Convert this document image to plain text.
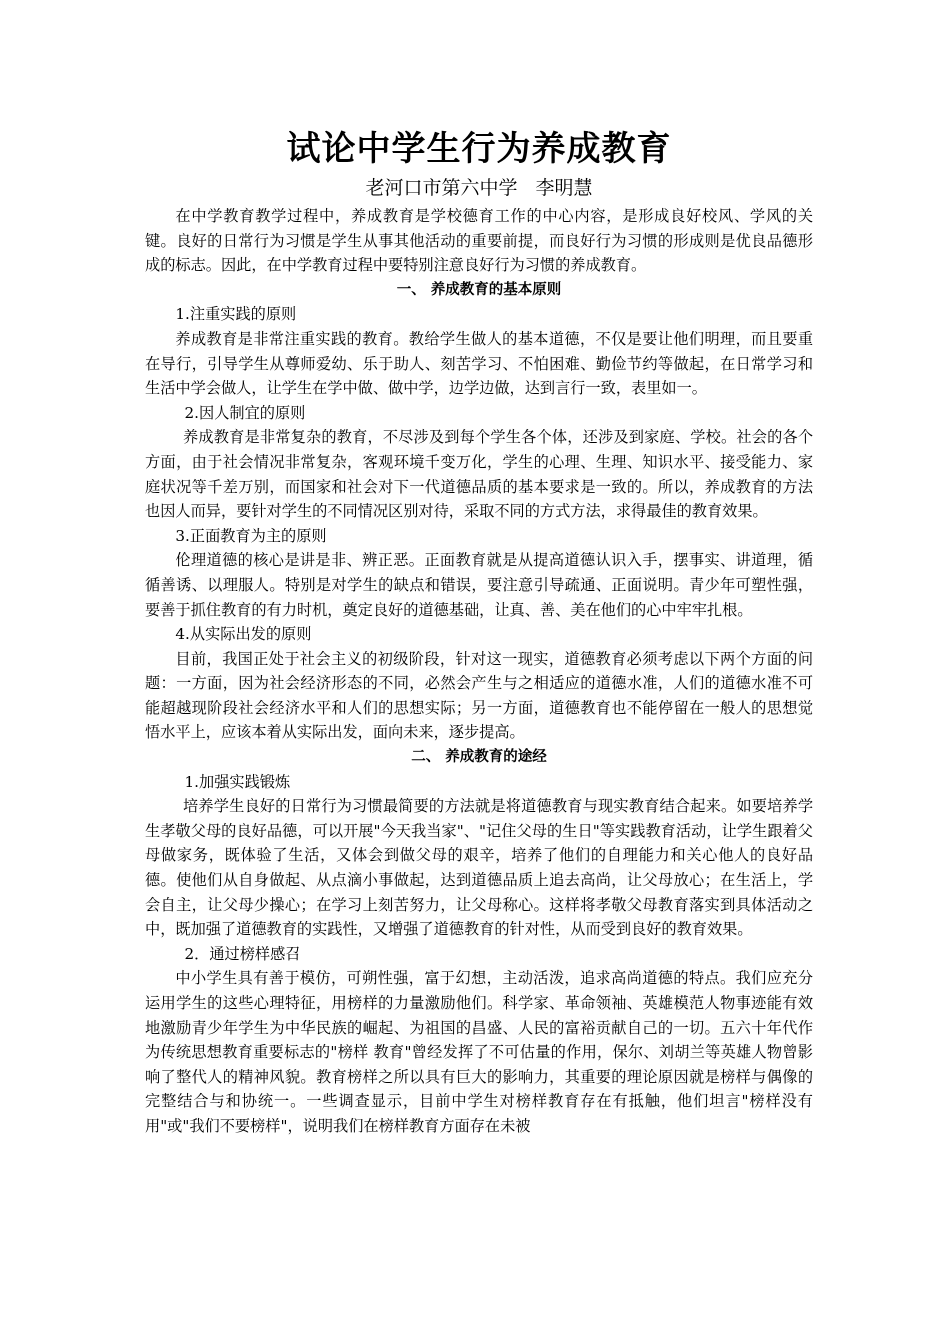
试论中学生行为养成教育

老河口市第六中学   李明慧

在中学教育教学过程中，养成教育是学校德育工作的中心内容，是形成良好校风、学风的关键。良好的日常行为习惯是学生从事其他活动的重要前提，而良好行为习惯的形成则是优良品德形成的标志。因此，在中学教育过程中要特别注意良好行为习惯的养成教育。

一、 养成教育的基本原则

1.注重实践的原则

养成教育是非常注重实践的教育。教给学生做人的基本道德，不仅是要让他们明理，而且要重在导行，引导学生从尊师爱幼、乐于助人、刻苦学习、不怕困难、勤俭节约等做起，在日常学习和生活中学会做人，让学生在学中做、做中学，边学边做，达到言行一致，表里如一。

2.因人制宜的原则

养成教育是非常复杂的教育，不尽涉及到每个学生各个体，还涉及到家庭、学校。社会的各个方面，由于社会情况非常复杂，客观环境千变万化，学生的心理、生理、知识水平、接受能力、家庭状况等千差万别，而国家和社会对下一代道德品质的基本要求是一致的。所以，养成教育的方法也因人而异，要针对学生的不同情况区别对待，采取不同的方式方法，求得最佳的教育效果。

3.正面教育为主的原则

伦理道德的核心是讲是非、辨正恶。正面教育就是从提高道德认识入手，摆事实、讲道理，循循善诱、以理服人。特别是对学生的缺点和错误，要注意引导疏通、正面说明。青少年可塑性强，要善于抓住教育的有力时机，奠定良好的道德基础，让真、善、美在他们的心中牢牢扎根。

4.从实际出发的原则

目前，我国正处于社会主义的初级阶段，针对这一现实，道德教育必须考虑以下两个方面的问题：一方面，因为社会经济形态的不同，必然会产生与之相适应的道德水准，人们的道德水准不可能超越现阶段社会经济水平和人们的思想实际；另一方面，道德教育也不能停留在一般人的思想觉悟水平上，应该本着从实际出发，面向未来，逐步提高。

二、 养成教育的途经

1.加强实践锻炼

培养学生良好的日常行为习惯最简要的方法就是将道德教育与现实教育结合起来。如要培养学生孝敬父母的良好品德，可以开展"今天我当家"、"记住父母的生日"等实践教育活动，让学生跟着父母做家务，既体验了生活，又体会到做父母的艰辛，培养了他们的自理能力和关心他人的良好品德。使他们从自身做起、从点滴小事做起，达到道德品质上追去高尚，让父母放心；在生活上，学会自主，让父母少操心；在学习上刻苦努力，让父母称心。这样将孝敬父母教育落实到具体活动之中，既加强了道德教育的实践性，又增强了道德教育的针对性，从而受到良好的教育效果。

2．通过榜样感召

中小学生具有善于模仿，可朔性强，富于幻想，主动活泼，追求高尚道德的特点。我们应充分运用学生的这些心理特征，用榜样的力量激励他们。科学家、革命领袖、英雄模范人物事迹能有效地激励青少年学生为中华民族的崛起、为祖国的昌盛、人民的富裕贡献自己的一切。五六十年代作为传统思想教育重要标志的"榜样 教育"曾经发挥了不可估量的作用，保尔、刘胡兰等英雄人物曾影响了整代人的精神风貌。教育榜样之所以具有巨大的影响力，其重要的理论原因就是榜样与偶像的完整结合与和协统一。一些调查显示，目前中学生对榜样教育存在有抵触，他们坦言"榜样没有用"或"我们不要榜样"，说明我们在榜样教育方面存在未被
